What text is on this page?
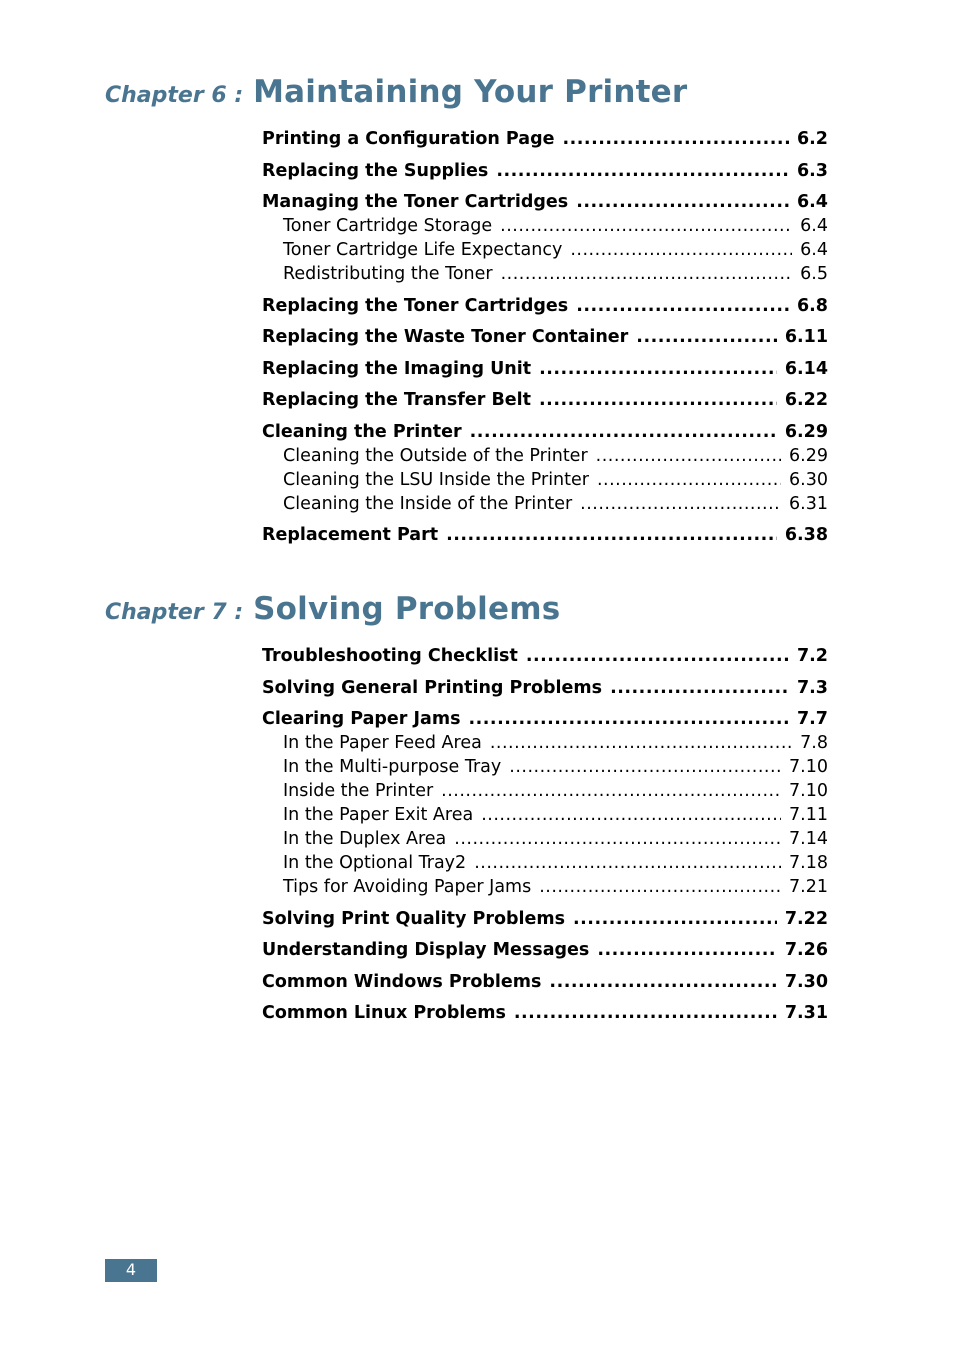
Chapter 6 : Maintaining Your Printer
Printing a Configuration Page .....	6.2
Replacing the Supplies .....	6.3
Managing the Toner Cartridges .....	6.4
Toner Cartridge Storage .....	6.4
Toner Cartridge Life Expectancy .....	6.4
Redistributing the Toner .....	6.5
Replacing the Toner Cartridges .....	6.8
Replacing the Waste Toner Container .....	6.11
Replacing the Imaging Unit .....	6.14
Replacing the Transfer Belt .....	6.22
Cleaning the Printer .....	6.29
Cleaning the Outside of the Printer .....	6.29
Cleaning the LSU Inside the Printer .....	6.30
Cleaning the Inside of the Printer .....	6.31
Replacement Part .....	6.38
Chapter 7 : Solving Problems
Troubleshooting Checklist .....	7.2
Solving General Printing Problems .....	7.3
Clearing Paper Jams .....	7.7
In the Paper Feed Area .....	7.8
In the Multi-purpose Tray .....	7.10
Inside the Printer .....	7.10
In the Paper Exit Area .....	7.11
In the Duplex Area .....	7.14
In the Optional Tray2 .....	7.18
Tips for Avoiding Paper Jams .....	7.21
Solving Print Quality Problems .....	7.22
Understanding Display Messages .....	7.26
Common Windows Problems .....	7.30
Common Linux Problems .....	7.31
4
